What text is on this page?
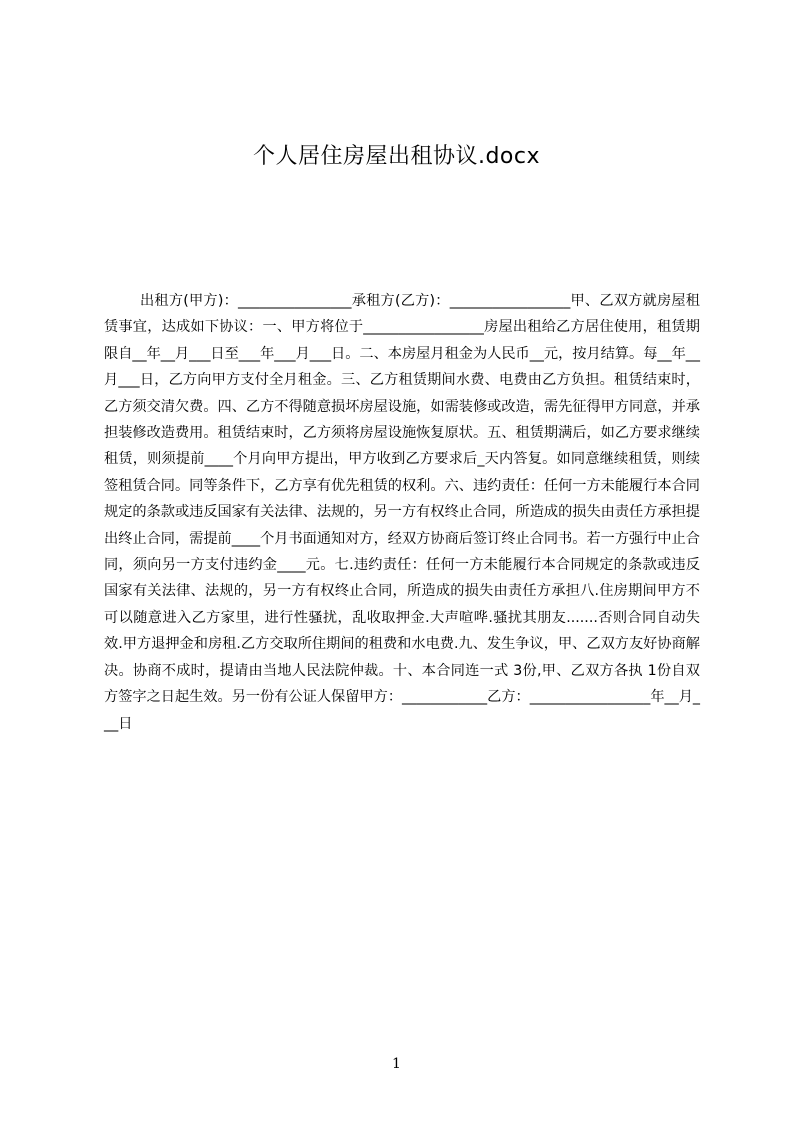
个人居住房屋出租协议.docx

出租方(甲方)：________________承租方(乙方)：_________________甲、乙双方就房屋租赁事宜，达成如下协议：一、甲方将位于_________________房屋出租给乙方居住使用，租赁期限自__年__月___日至___年___月___日。二、本房屋月租金为人民币__元，按月结算。每__年__月___日，乙方向甲方支付全月租金。三、乙方租赁期间水费、电费由乙方负担。租赁结束时，乙方须交清欠费。四、乙方不得随意损坏房屋设施，如需装修或改造，需先征得甲方同意，并承担装修改造费用。租赁结束时，乙方须将房屋设施恢复原状。五、租赁期满后，如乙方要求继续租赁，则须提前____个月向甲方提出，甲方收到乙方要求后_天内答复。如同意继续租赁，则续签租赁合同。同等条件下，乙方享有优先租赁的权利。六、违约责任：任何一方未能履行本合同规定的条款或违反国家有关法律、法规的，另一方有权终止合同，所造成的损失由责任方承担提出终止合同，需提前____个月书面通知对方，经双方协商后签订终止合同书。若一方强行中止合同，须向另一方支付违约金____元。七.违约责任：任何一方未能履行本合同规定的条款或违反国家有关法律、法规的，另一方有权终止合同，所造成的损失由责任方承担八.住房期间甲方不可以随意进入乙方家里，进行性骚扰，乱收取押金.大声喧哗.骚扰其朋友.......否则合同自动失效.甲方退押金和房租.乙方交取所住期间的租费和水电费.九、发生争议，甲、乙双方友好协商解决。协商不成时，提请由当地人民法院仲裁。十、本合同连一式 3份,甲、乙双方各执 1份自双方签字之日起生效。另一份有公证人保留甲方：____________乙方：_________________年__月___日

1
